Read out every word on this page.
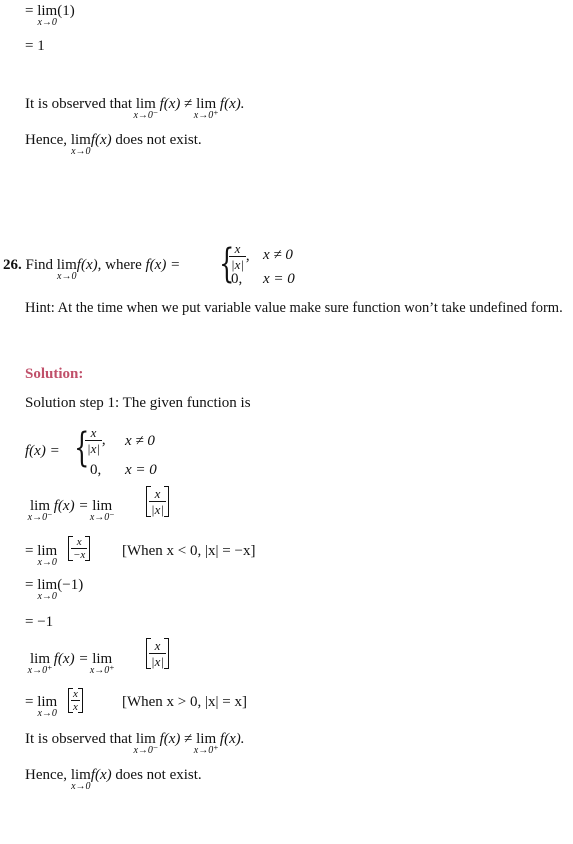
= lim
x→0
(1)
= 1
It is observed that lim
x→0⁻
f(x) ≠ lim
x→0⁺
f(x).
Hence, lim
x→0
f(x) does not exist.
26. Find lim
x→0
f(x), where f(x) = {
$\frac{x}{|x|}$ , x ≠ 0
0, x = 0
Hint: At the time when we put variable value make sure function won’t take undefined form.
Solution:
Solution step 1: The given function is
f(x) = {
$\frac{x}{|x|}$ , x ≠ 0
0, x = 0
lim
x→0⁻
f(x) = lim
x→0⁻
$\frac{x}{|x|}$
= lim
x→0
$\frac{x}{-x}$ [When x < 0, |x| = −x]
= lim
x→0
(−1)
= −1
lim
x→0⁺
f(x) = lim
x→0⁺
$\frac{x}{|x|}$
= lim
x→0
$\frac{x}{x}$	[When x > 0, |x| = x]
It is observed that lim
x→0⁻
f(x) ≠ lim
x→0⁺
f(x).
Hence, lim
x→0
f(x) does not exist.
